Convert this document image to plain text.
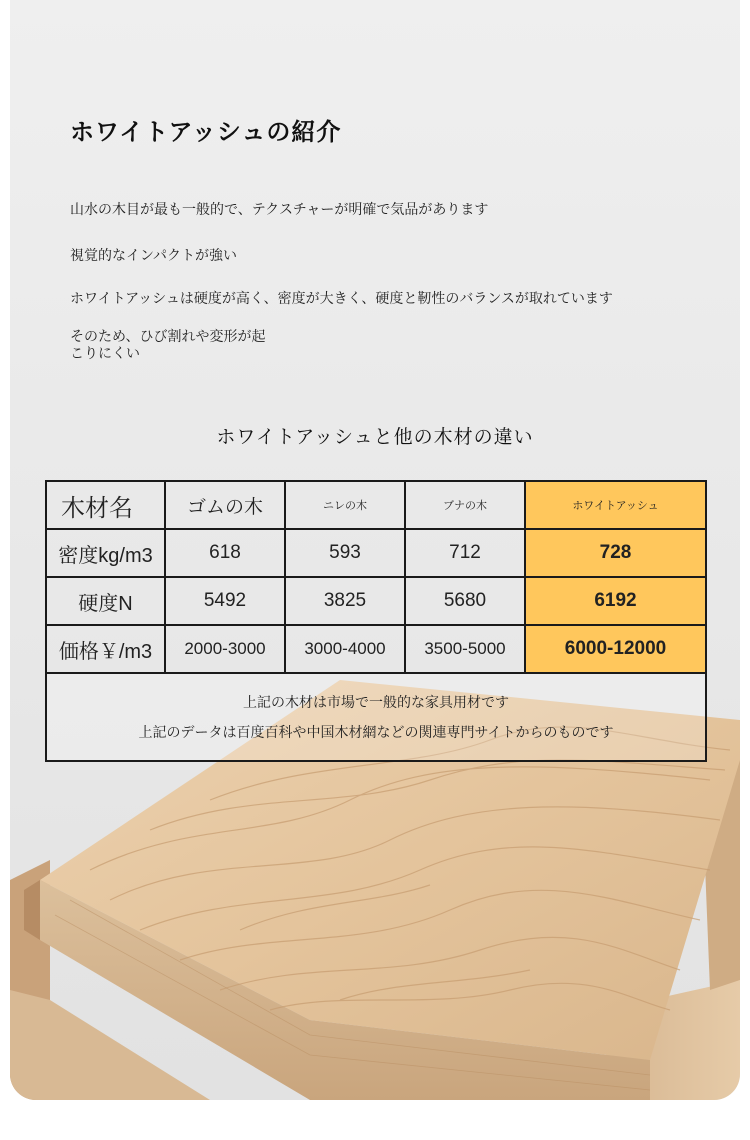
ホワイトアッシュの紹介
山水の木目が最も一般的で、テクスチャーが明確で気品があります
視覚的なインパクトが強い
ホワイトアッシュは硬度が高く、密度が大きく、硬度と靭性のバランスが取れています
そのため、ひび割れや変形が起
こりにくい
ホワイトアッシュと他の木材の違い
木材名	ゴムの木	ニレの木	ブナの木	ホワイトアッシュ
密度kg/m3	618	593	712	728
硬度N	5492	3825	5680	6192
価格￥/m3	2000-3000	3000-4000	3500-5000	6000-12000

上記の木材は市場で一般的な家具用材です
上記のデータは百度百科や中国木材網などの関連専門サイトからのものです				
